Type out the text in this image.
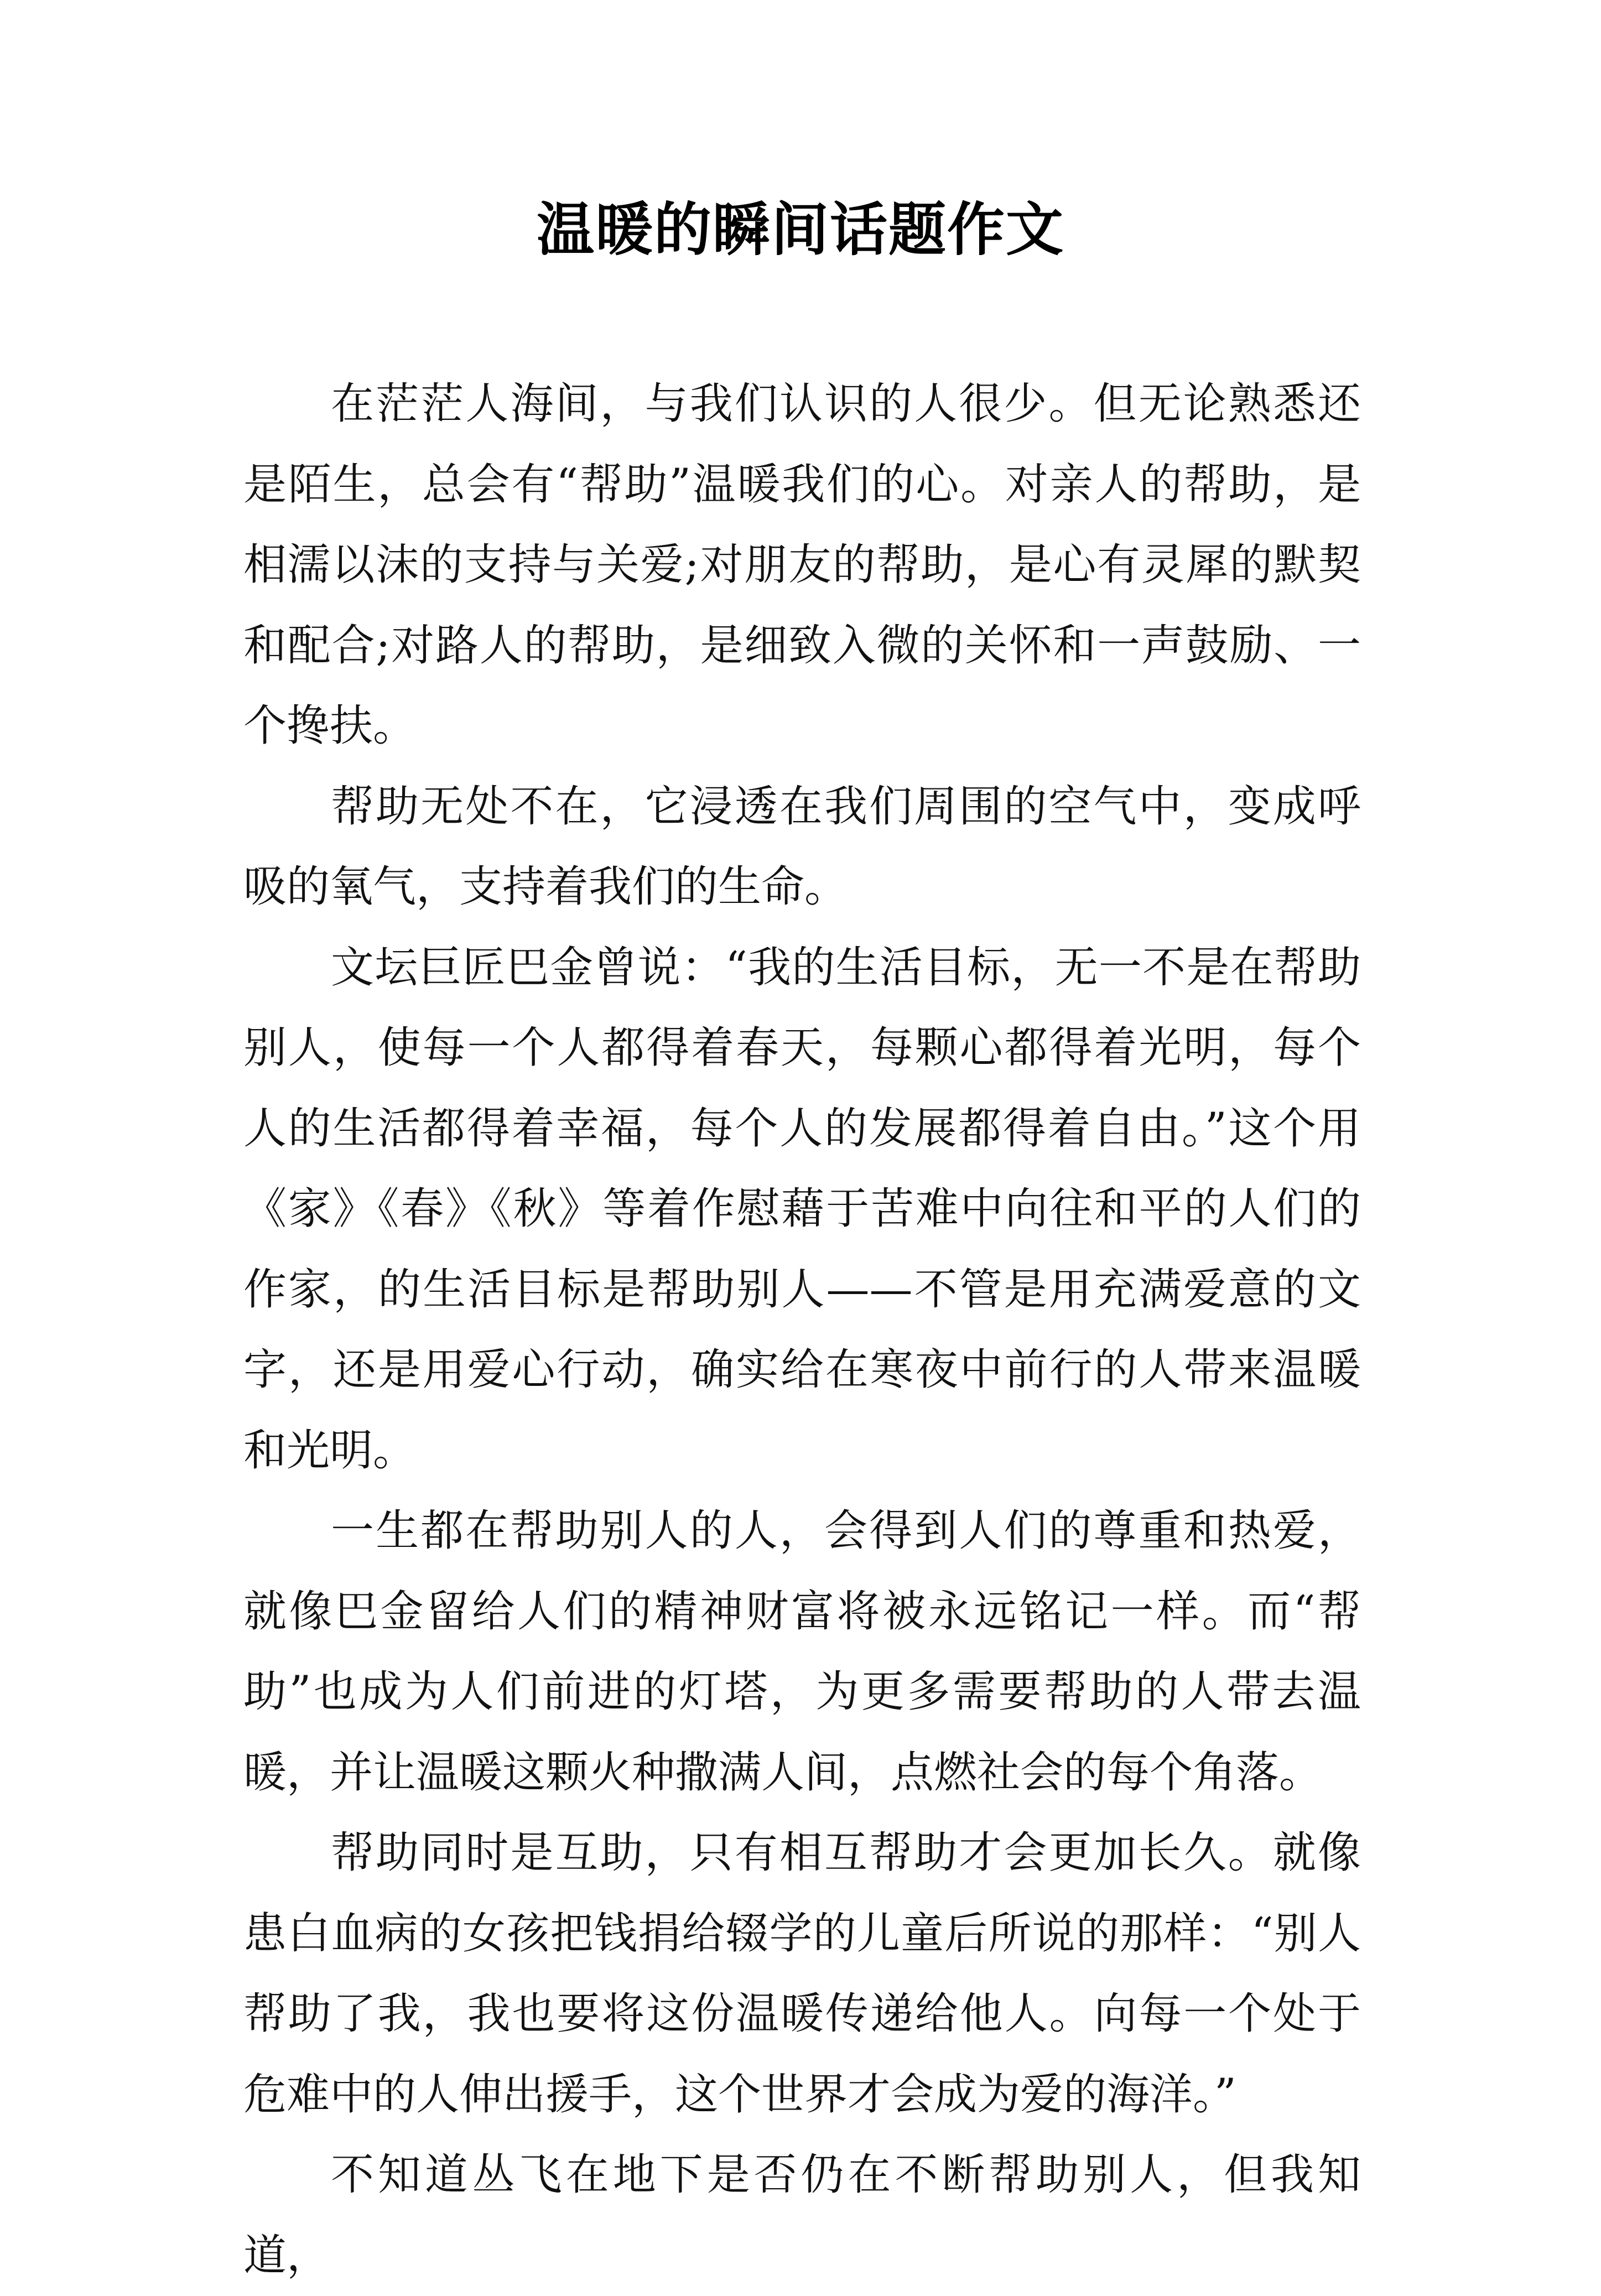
温暖的瞬间话题作文

在茫茫人海间，与我们认识的人很少。但无论熟悉还是陌生，总会有“帮助”温暖我们的心。对亲人的帮助，是相濡以沫的支持与关爱;对朋友的帮助，是心有灵犀的默契和配合;对路人的帮助，是细致入微的关怀和一声鼓励、一个搀扶。

帮助无处不在，它浸透在我们周围的空气中，变成呼吸的氧气，支持着我们的生命。

文坛巨匠巴金曾说：“我的生活目标，无一不是在帮助别人，使每一个人都得着春天，每颗心都得着光明，每个人的生活都得着幸福，每个人的发展都得着自由。”这个用《家》《春》《秋》等着作慰藉于苦难中向往和平的人们的作家，的生活目标是帮助别人——不管是用充满爱意的文字，还是用爱心行动，确实给在寒夜中前行的人带来温暖和光明。

一生都在帮助别人的人，会得到人们的尊重和热爱，就像巴金留给人们的精神财富将被永远铭记一样。而“帮助”也成为人们前进的灯塔，为更多需要帮助的人带去温暖，并让温暖这颗火种撒满人间，点燃社会的每个角落。

帮助同时是互助，只有相互帮助才会更加长久。就像患白血病的女孩把钱捐给辍学的儿童后所说的那样：“别人帮助了我，我也要将这份温暖传递给他人。向每一个处于危难中的人伸出援手，这个世界才会成为爱的海洋。”

不知道丛飞在地下是否仍在不断帮助别人，但我知道，
